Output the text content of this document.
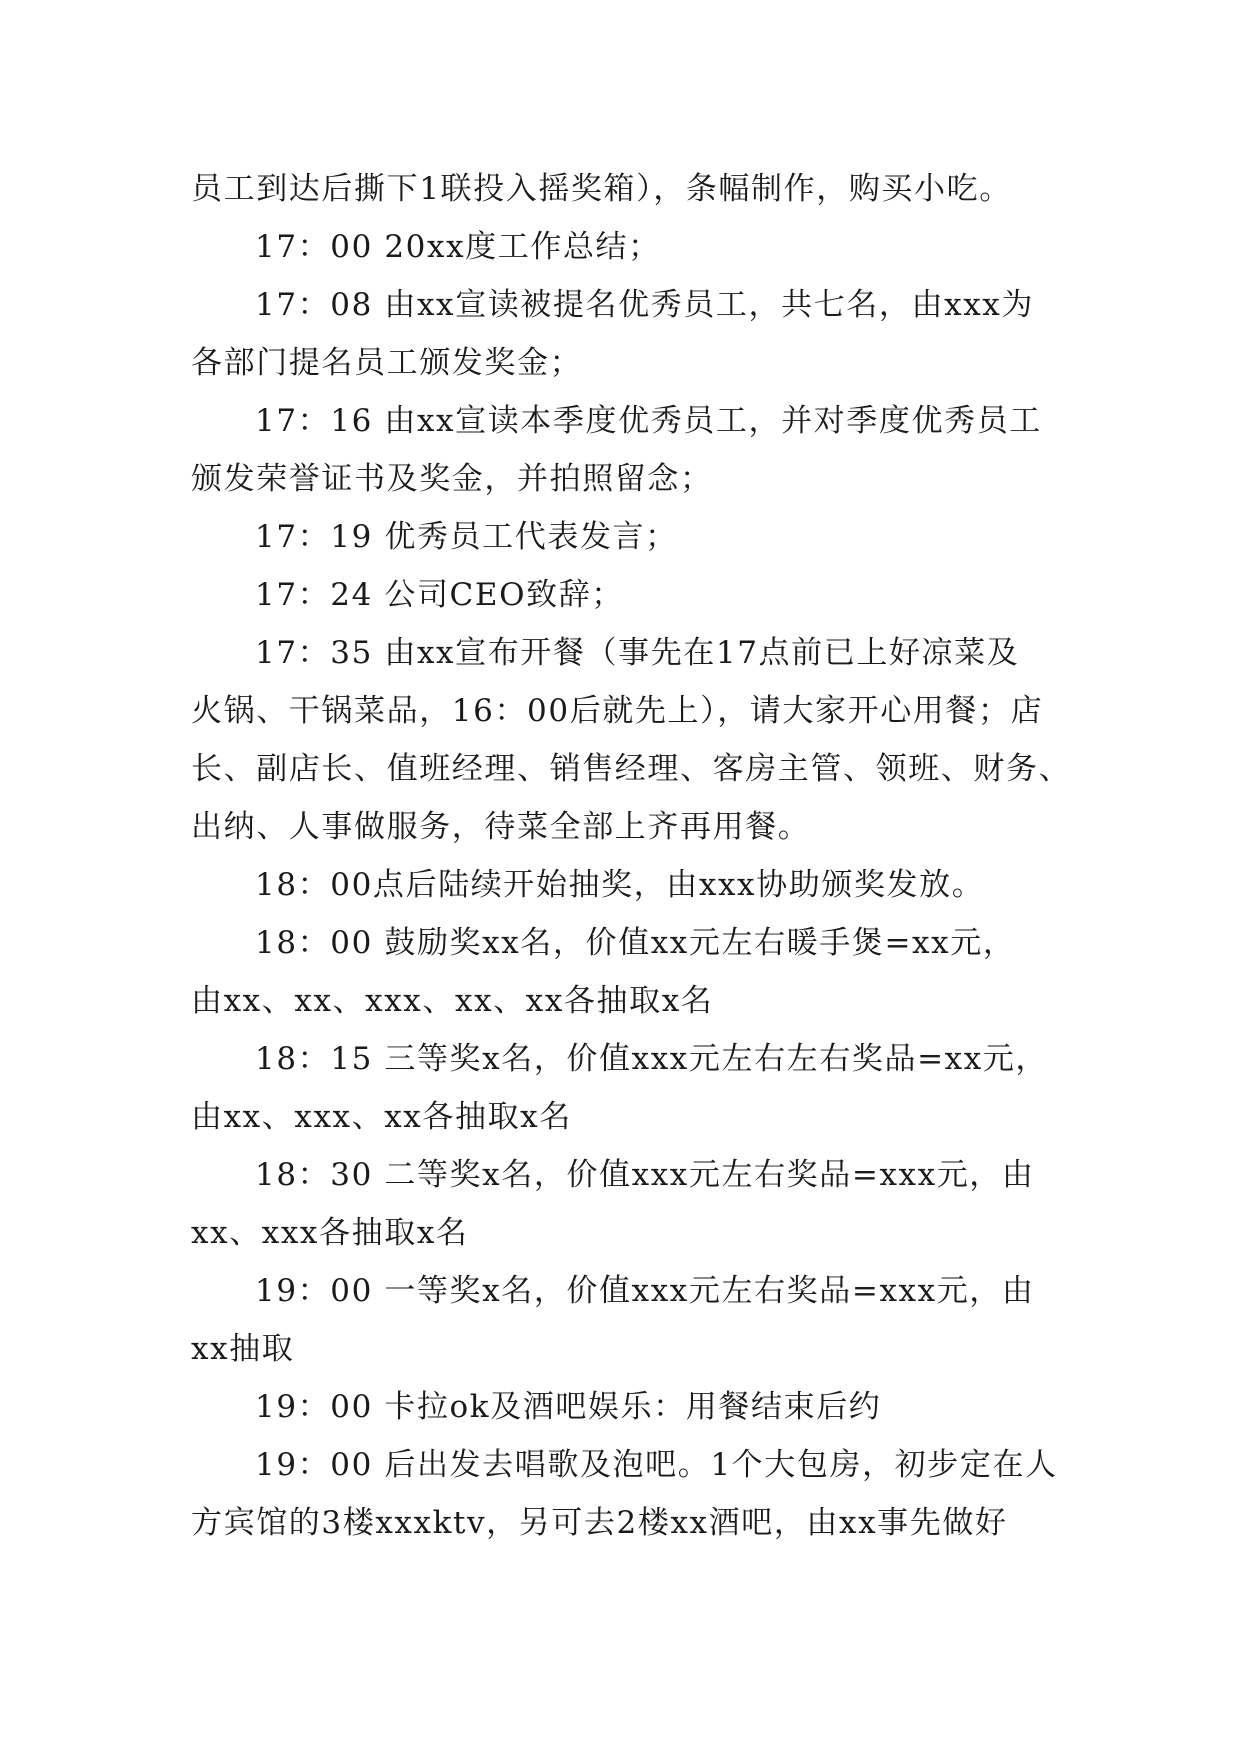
员工到达后撕下1联投入摇奖箱），条幅制作，购买小吃。
17：00 20xx度工作总结；
17：08 由xx宣读被提名优秀员工，共七名，由xxx为
各部门提名员工颁发奖金；
17：16 由xx宣读本季度优秀员工，并对季度优秀员工
颁发荣誉证书及奖金，并拍照留念；
17：19 优秀员工代表发言；
17：24 公司CEO致辞；
17：35 由xx宣布开餐（事先在17点前已上好凉菜及
火锅、干锅菜品，16：00后就先上），请大家开心用餐；店
长、副店长、值班经理、销售经理、客房主管、领班、财务、
出纳、人事做服务，待菜全部上齐再用餐。
18：00点后陆续开始抽奖，由xxx协助颁奖发放。
18：00 鼓励奖xx名，价值xx元左右暖手煲=xx元，
由xx、xx、xxx、xx、xx各抽取x名
18：15 三等奖x名，价值xxx元左右左右奖品=xx元，
由xx、xxx、xx各抽取x名
18：30 二等奖x名，价值xxx元左右奖品=xxx元，由
xx、xxx各抽取x名
19：00 一等奖x名，价值xxx元左右奖品=xxx元，由
xx抽取
19：00 卡拉ok及酒吧娱乐：用餐结束后约
19：00 后出发去唱歌及泡吧。1个大包房，初步定在人
方宾馆的3楼xxxktv，另可去2楼xx酒吧，由xx事先做好
